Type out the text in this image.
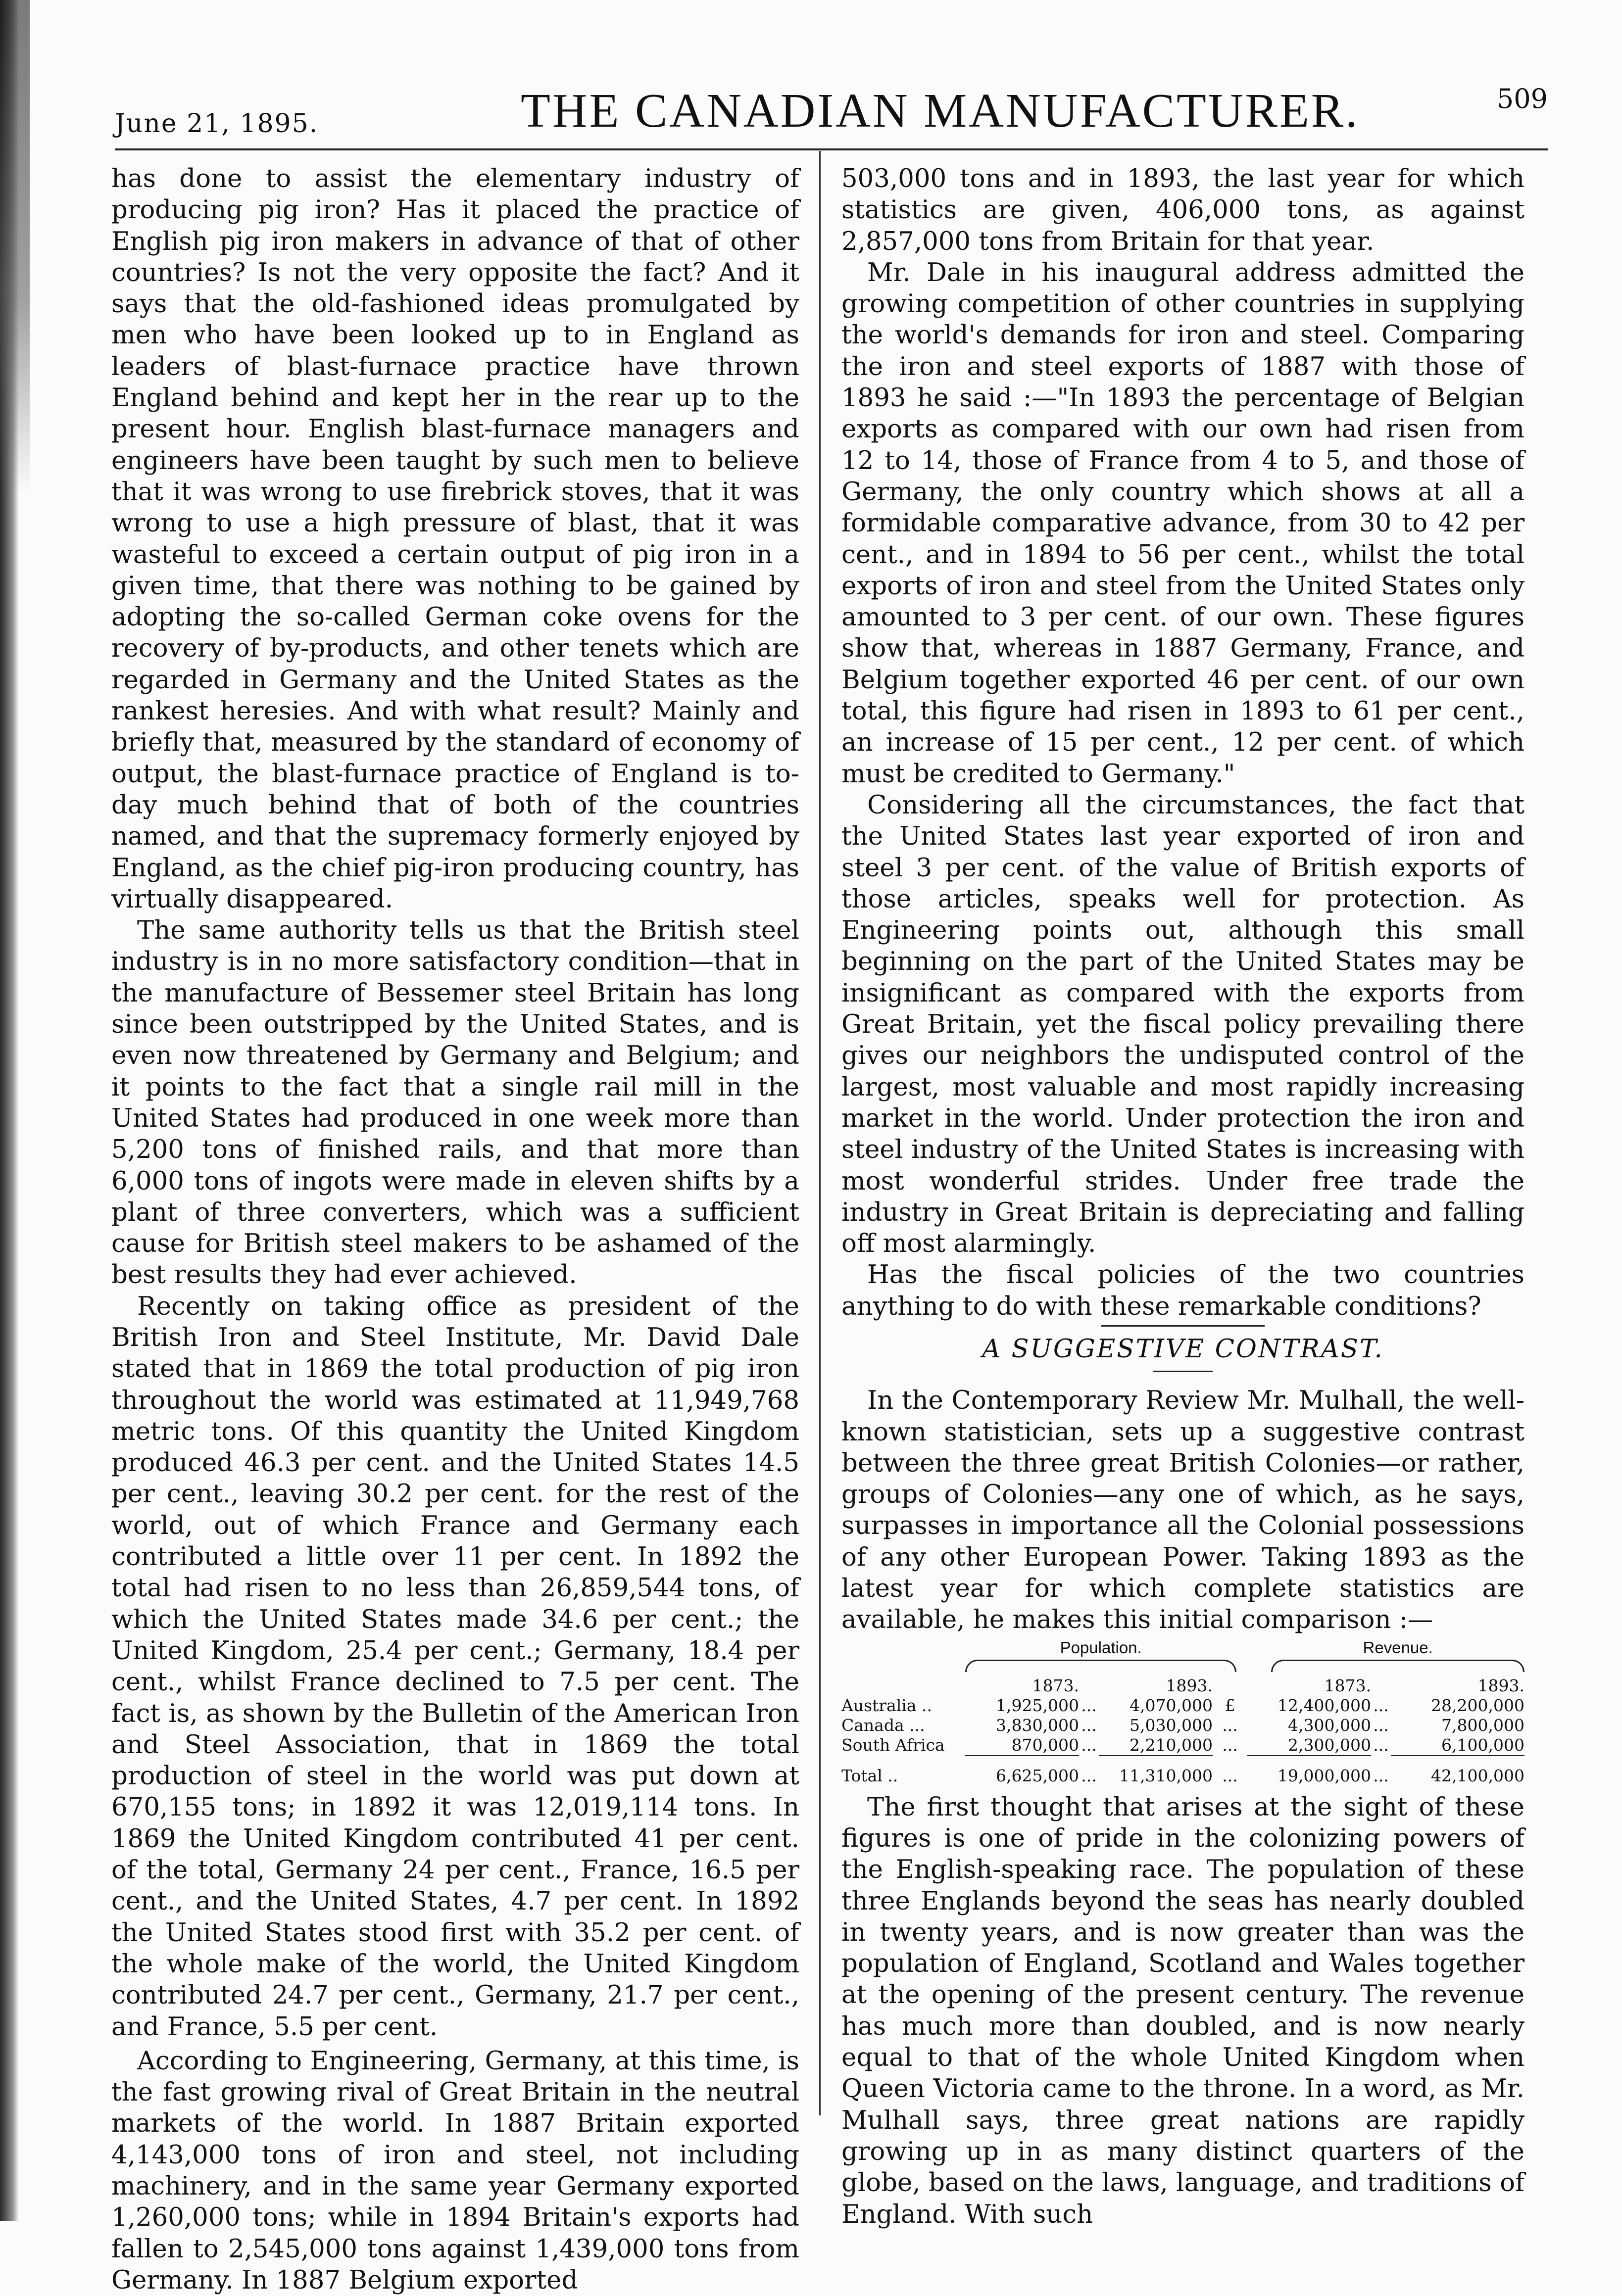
June 21, 1895.	THE CANADIAN MANUFACTURER.	509

has done to assist the elementary industry of producing pig iron? Has it placed the practice of English pig iron makers in advance of that of other countries? Is not the very opposite the fact? And it says that the old-fashioned ideas promulgated by men who have been looked up to in England as leaders of blast-furnace practice have thrown England behind and kept her in the rear up to the present hour. English blast-furnace managers and engineers have been taught by such men to believe that it was wrong to use firebrick stoves, that it was wrong to use a high pressure of blast, that it was wasteful to exceed a certain output of pig iron in a given time, that there was nothing to be gained by adopting the so-called German coke ovens for the recovery of by-products, and other tenets which are regarded in Germany and the United States as the rankest heresies. And with what result? Mainly and briefly that, measured by the standard of economy of output, the blast-furnace practice of England is to-day much behind that of both of the countries named, and that the supremacy formerly enjoyed by England, as the chief pig-iron producing country, has virtually disappeared.

The same authority tells us that the British steel industry is in no more satisfactory condition—that in the manufacture of Bessemer steel Britain has long since been outstripped by the United States, and is even now threatened by Germany and Belgium; and it points to the fact that a single rail mill in the United States had produced in one week more than 5,200 tons of finished rails, and that more than 6,000 tons of ingots were made in eleven shifts by a plant of three converters, which was a sufficient cause for British steel makers to be ashamed of the best results they had ever achieved.

Recently on taking office as president of the British Iron and Steel Institute, Mr. David Dale stated that in 1869 the total production of pig iron throughout the world was estimated at 11,949,768 metric tons. Of this quantity the United Kingdom produced 46.3 per cent. and the United States 14.5 per cent., leaving 30.2 per cent. for the rest of the world, out of which France and Germany each contributed a little over 11 per cent. In 1892 the total had risen to no less than 26,859,544 tons, of which the United States made 34.6 per cent.; the United Kingdom, 25.4 per cent.; Germany, 18.4 per cent., whilst France declined to 7.5 per cent. The fact is, as shown by the Bulletin of the American Iron and Steel Association, that in 1869 the total production of steel in the world was put down at 670,155 tons; in 1892 it was 12,019,114 tons. In 1869 the United Kingdom contributed 41 per cent. of the total, Germany 24 per cent., France, 16.5 per cent., and the United States, 4.7 per cent. In 1892 the United States stood first with 35.2 per cent. of the whole make of the world, the United Kingdom contributed 24.7 per cent., Germany, 21.7 per cent., and France, 5.5 per cent.

According to Engineering, Germany, at this time, is the fast growing rival of Great Britain in the neutral markets of the world. In 1887 Britain exported 4,143,000 tons of iron and steel, not including machinery, and in the same year Germany exported 1,260,000 tons; while in 1894 Britain's exports had fallen to 2,545,000 tons against 1,439,000 tons from Germany. In 1887 Belgium exported

503,000 tons and in 1893, the last year for which statistics are given, 406,000 tons, as against 2,857,000 tons from Britain for that year.

Mr. Dale in his inaugural address admitted the growing competition of other countries in supplying the world's demands for iron and steel. Comparing the iron and steel exports of 1887 with those of 1893 he said :—"In 1893 the percentage of Belgian exports as compared with our own had risen from 12 to 14, those of France from 4 to 5, and those of Germany, the only country which shows at all a formidable comparative advance, from 30 to 42 per cent., and in 1894 to 56 per cent., whilst the total exports of iron and steel from the United States only amounted to 3 per cent. of our own. These figures show that, whereas in 1887 Germany, France, and Belgium together exported 46 per cent. of our own total, this figure had risen in 1893 to 61 per cent., an increase of 15 per cent., 12 per cent. of which must be credited to Germany."

Considering all the circumstances, the fact that the United States last year exported of iron and steel 3 per cent. of the value of British exports of those articles, speaks well for protection. As Engineering points out, although this small beginning on the part of the United States may be insignificant as compared with the exports from Great Britain, yet the fiscal policy prevailing there gives our neighbors the undisputed control of the largest, most valuable and most rapidly increasing market in the world. Under protection the iron and steel industry of the United States is increasing with most wonderful strides. Under free trade the industry in Great Britain is depreciating and falling off most alarmingly.

Has the fiscal policies of the two countries anything to do with these remarkable conditions?

A SUGGESTIVE CONTRAST.

In the Contemporary Review Mr. Mulhall, the well-known statistician, sets up a suggestive contrast between the three great British Colonies—or rather, groups of Colonies—any one of which, as he says, surpasses in importance all the Colonial possessions of any other European Power. Taking 1893 as the latest year for which complete statistics are available, he makes this initial comparison :—

Population.	Revenue.
1873.	1893.	1873.	1893.
Australia ..	1,925,000 ...	4,070,000 £	12,400,000 ...	28,200,000
Canada ...	3,830,000 ...	5,030,000 ...	4,300,000 ...	7,800,000
South Africa	870,000 ...	2,210,000 ...	2,300,000 ...	6,100,000
Total ..	6,625,000 ...	11,310,000 ...	19,000,000 ...	42,100,000

The first thought that arises at the sight of these figures is one of pride in the colonizing powers of the English-speaking race. The population of these three Englands beyond the seas has nearly doubled in twenty years, and is now greater than was the population of England, Scotland and Wales together at the opening of the present century. The revenue has much more than doubled, and is now nearly equal to that of the whole United Kingdom when Queen Victoria came to the throne. In a word, as Mr. Mulhall says, three great nations are rapidly growing up in as many distinct quarters of the globe, based on the laws, language, and traditions of England. With such
